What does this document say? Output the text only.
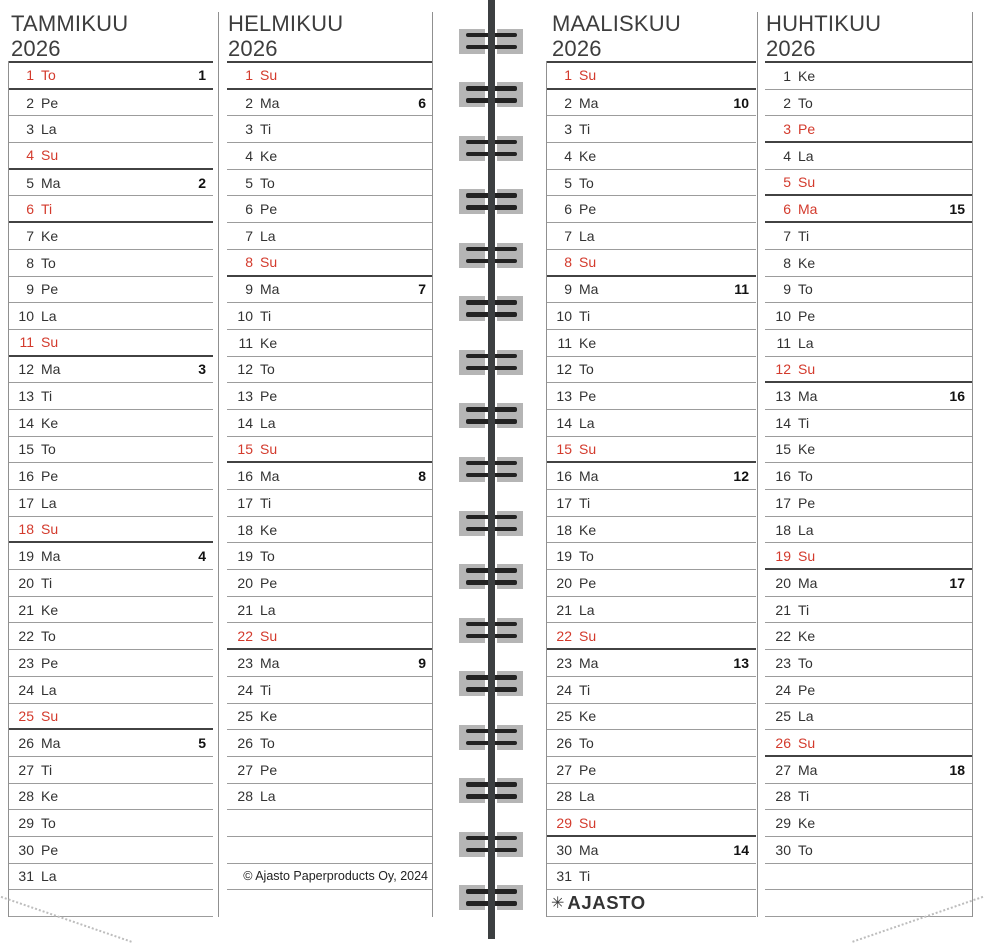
TAMMIKUU
2026
1 To	1
2 Pe
3 La
4 Su
5 Ma	2
6 Ti
7 Ke
8 To
9 Pe
10 La
11 Su
12 Ma	3
13 Ti
14 Ke
15 To
16 Pe
17 La
18 Su
19 Ma	4
20 Ti
21 Ke
22 To
23 Pe
24 La
25 Su
26 Ma	5
27 Ti
28 Ke
29 To
30 Pe
31 La
HELMIKUU
2026
1 Su
2 Ma	6
3 Ti
4 Ke
5 To
6 Pe
7 La
8 Su
9 Ma	7
10 Ti
11 Ke
12 To
13 Pe
14 La
15 Su
16 Ma	8
17 Ti
18 Ke
19 To
20 Pe
21 La
22 Su
23 Ma	9
24 Ti
25 Ke
26 To
27 Pe
28 La
© Ajasto Paperproducts Oy, 2024
MAALISKUU
2026
1 Su
2 Ma	10
3 Ti
4 Ke
5 To
6 Pe
7 La
8 Su
9 Ma	11
10 Ti
11 Ke
12 To
13 Pe
14 La
15 Su
16 Ma	12
17 Ti
18 Ke
19 To
20 Pe
21 La
22 Su
23 Ma	13
24 Ti
25 Ke
26 To
27 Pe
28 La
29 Su
30 Ma	14
31 Ti
✳ AJASTO
HUHTIKUU
2026
1 Ke
2 To
3 Pe
4 La
5 Su
6 Ma	15
7 Ti
8 Ke
9 To
10 Pe
11 La
12 Su
13 Ma	16
14 Ti
15 Ke
16 To
17 Pe
18 La
19 Su
20 Ma	17
21 Ti
22 Ke
23 To
24 Pe
25 La
26 Su
27 Ma	18
28 Ti
29 Ke
30 To
